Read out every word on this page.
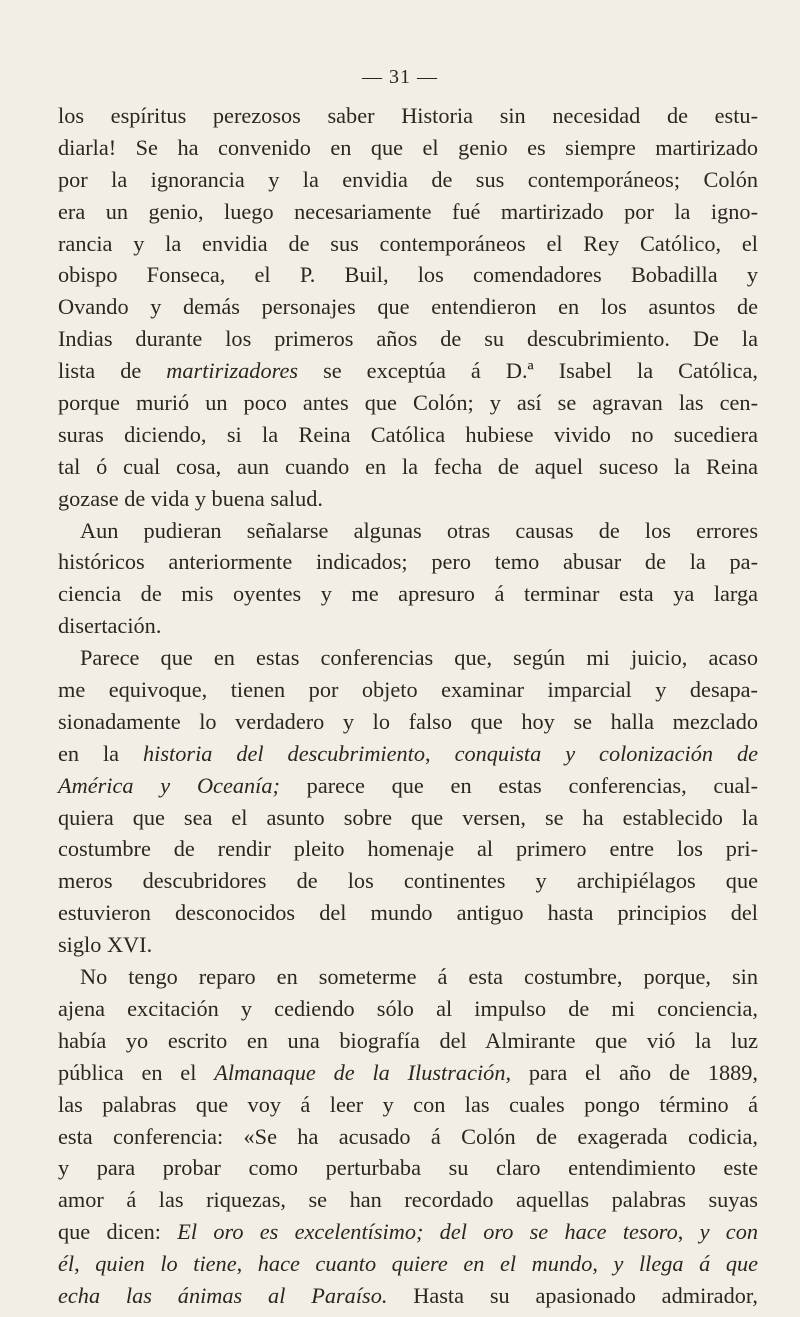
— 31 —
los espíritus perezosos saber Historia sin necesidad de estu-
diarla! Se ha convenido en que el genio es siempre martirizado
por la ignorancia y la envidia de sus contemporáneos; Colón
era un genio, luego necesariamente fué martirizado por la igno-
rancia y la envidia de sus contemporáneos el Rey Católico, el
obispo Fonseca, el P. Buil, los comendadores Bobadilla y
Ovando y demás personajes que entendieron en los asuntos de
Indias durante los primeros años de su descubrimiento. De la
lista de martirizadores se exceptúa á D.ª Isabel la Católica,
porque murió un poco antes que Colón; y así se agravan las cen-
suras diciendo, si la Reina Católica hubiese vivido no sucediera
tal ó cual cosa, aun cuando en la fecha de aquel suceso la Reina
gozase de vida y buena salud.
Aun pudieran señalarse algunas otras causas de los errores
históricos anteriormente indicados; pero temo abusar de la pa-
ciencia de mis oyentes y me apresuro á terminar esta ya larga
disertación.
Parece que en estas conferencias que, según mi juicio, acaso
me equivoque, tienen por objeto examinar imparcial y desapa-
sionadamente lo verdadero y lo falso que hoy se halla mezclado
en la historia del descubrimiento, conquista y colonización de
América y Oceanía; parece que en estas conferencias, cual-
quiera que sea el asunto sobre que versen, se ha establecido la
costumbre de rendir pleito homenaje al primero entre los pri-
meros descubridores de los continentes y archipiélagos que
estuvieron desconocidos del mundo antiguo hasta principios del
siglo XVI.
No tengo reparo en someterme á esta costumbre, porque, sin
ajena excitación y cediendo sólo al impulso de mi conciencia,
había yo escrito en una biografía del Almirante que vió la luz
pública en el Almanaque de la Ilustración, para el año de 1889,
las palabras que voy á leer y con las cuales pongo término á
esta conferencia: «Se ha acusado á Colón de exagerada codicia,
y para probar como perturbaba su claro entendimiento este
amor á las riquezas, se han recordado aquellas palabras suyas
que dicen: El oro es excelentísimo; del oro se hace tesoro, y con
él, quien lo tiene, hace cuanto quiere en el mundo, y llega á que
echa las ánimas al Paraíso. Hasta su apasionado admirador,
